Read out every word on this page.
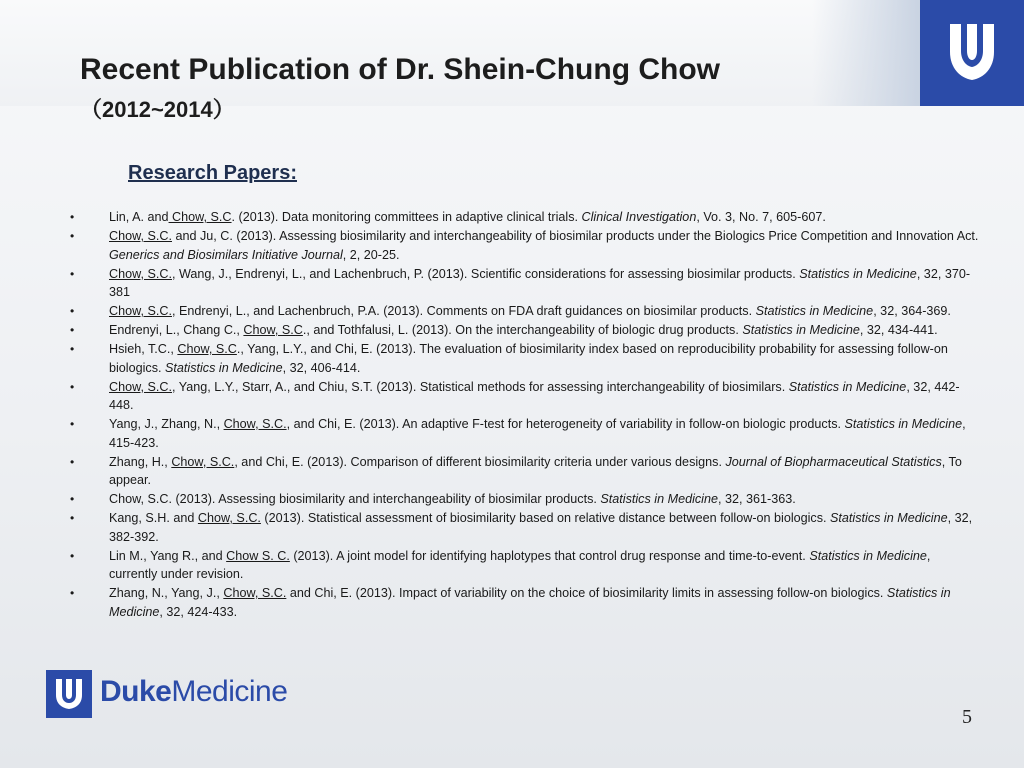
Recent Publication of Dr. Shein-Chung Chow
（2012~2014）
Research Papers:
•	Lin, A. and Chow, S.C. (2013). Data monitoring committees in adaptive clinical trials. Clinical Investigation, Vo. 3, No. 7, 605-607.
•	Chow, S.C. and Ju, C. (2013). Assessing biosimilarity and interchangeability of biosimilar products under the Biologics Price Competition and Innovation Act. Generics and Biosimilars Initiative Journal, 2, 20-25.
•	Chow, S.C., Wang, J., Endrenyi, L., and Lachenbruch, P. (2013). Scientific considerations for assessing biosimilar products. Statistics in Medicine, 32, 370-381
•	Chow, S.C., Endrenyi, L., and Lachenbruch, P.A. (2013). Comments on FDA draft guidances on biosimilar products. Statistics in Medicine, 32, 364-369.
•	Endrenyi, L., Chang C., Chow, S.C., and Tothfalusi, L. (2013). On the interchangeability of biologic drug products. Statistics in Medicine, 32, 434-441.
•	Hsieh, T.C., Chow, S.C., Yang, L.Y., and Chi, E. (2013). The evaluation of biosimilarity index based on reproducibility probability for assessing follow-on biologics. Statistics in Medicine, 32, 406-414.
•	Chow, S.C., Yang, L.Y., Starr, A., and Chiu, S.T. (2013). Statistical methods for assessing interchangeability of biosimilars. Statistics in Medicine, 32, 442-448.
•	Yang, J., Zhang, N., Chow, S.C., and Chi, E. (2013). An adaptive F-test for heterogeneity of variability in follow-on biologic products. Statistics in Medicine, 415-423.
•	Zhang, H., Chow, S.C., and Chi, E. (2013). Comparison of different biosimilarity criteria under various designs. Journal of Biopharmaceutical Statistics, To appear.
•	Chow, S.C. (2013). Assessing biosimilarity and interchangeability of biosimilar products. Statistics in Medicine, 32, 361-363.
•	Kang, S.H. and Chow, S.C. (2013). Statistical assessment of biosimilarity based on relative distance between follow-on biologics. Statistics in Medicine, 32, 382-392.
•	Lin M., Yang R., and Chow S. C. (2013). A joint model for identifying haplotypes that control drug response and time-to-event. Statistics in Medicine, currently under revision.
•	Zhang, N., Yang, J., Chow, S.C. and Chi, E. (2013). Impact of variability on the choice of biosimilarity limits in assessing follow-on biologics. Statistics in Medicine, 32, 424-433.
DukeMedicine
5
